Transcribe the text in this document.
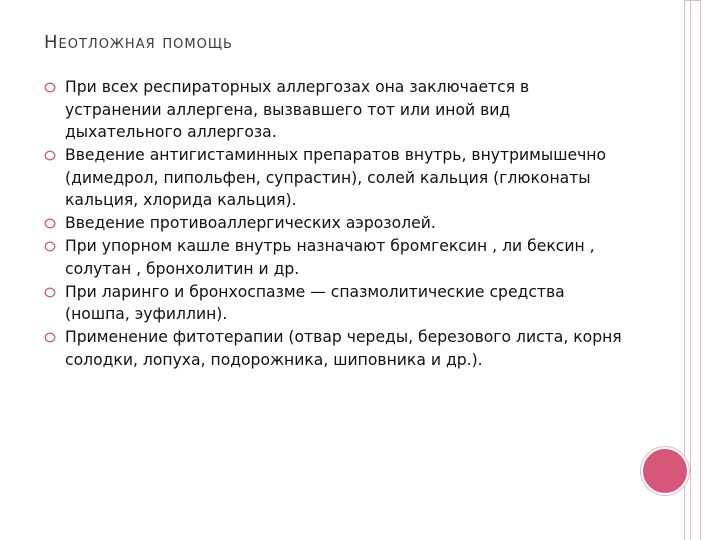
Неотложная помощь
При всех респираторных аллергозах она заключается в устранении аллергена, вызвавшего тот или иной вид дыхательного аллергоза.
Введение антигистаминных препаратов внутрь, внутримышечно (димедрол, пипольфен, супрастин), солей кальция (глюконаты кальция, хлорида кальция).
Введение противоаллергических аэрозолей.
При упорном кашле внутрь назначают бромгексин , ли бексин , солутан , бронхолитин и др.
При ларинго и бронхоспазме — спазмолитические средства (ношпа, эуфиллин).
Применение фитотерапии (отвар череды, березового листа, корня солодки, лопуха, подорожника, шиповника и др.).
